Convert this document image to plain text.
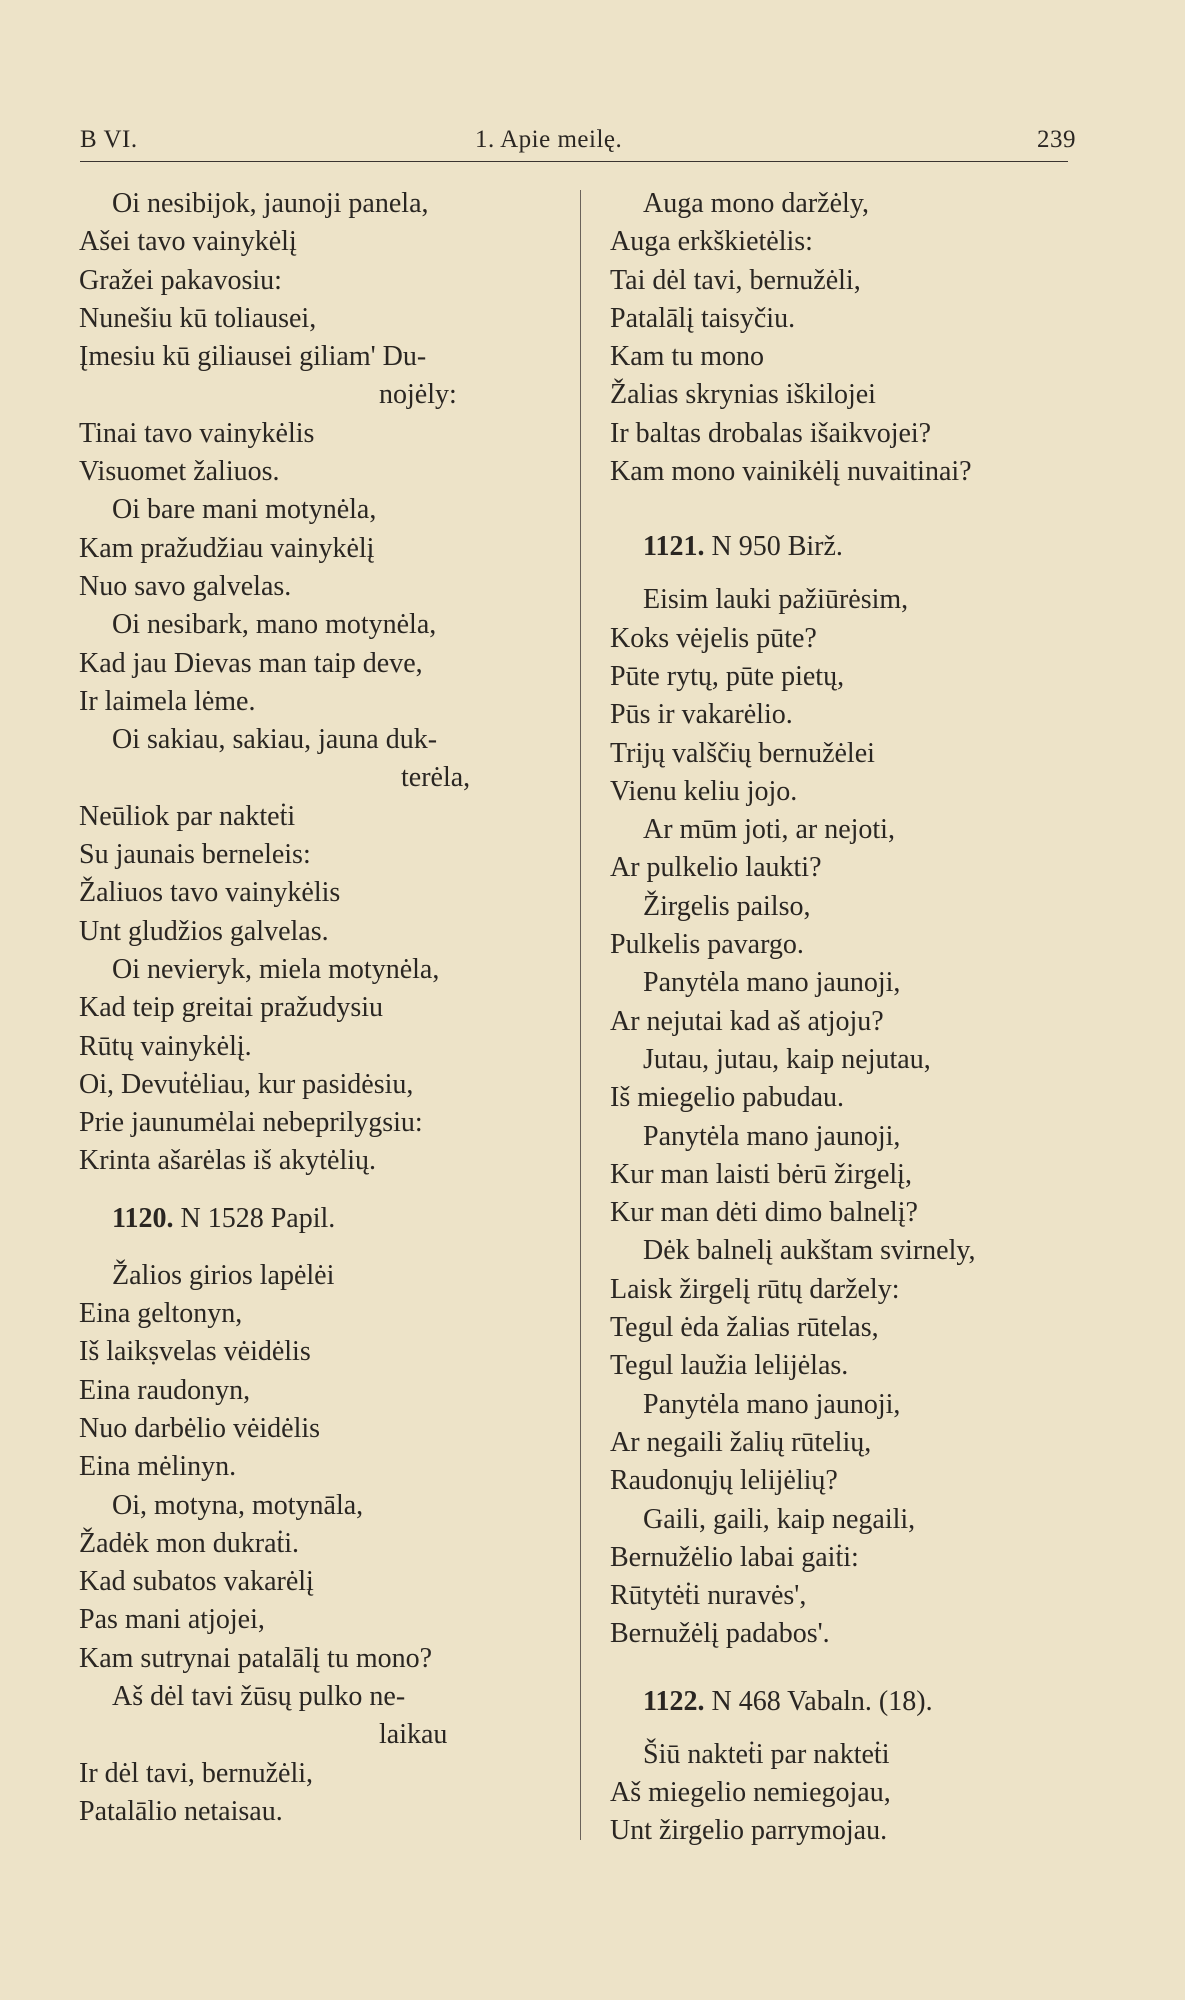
B VI.	1. Apie meilę.	239
Oi nesibijok, jaunoji panela,
Ašei tavo vainykėlį
Gražei pakavosiu:
Nunešiu kū toliausei,
Įmesiu kū giliausei giliam' Du-
nojėly:
Tinai tavo vainykėlis
Visuomet žaliuos.
Oi bare mani motynėla,
Kam pražudžiau vainykėlį
Nuo savo galvelas.
Oi nesibark, mano motynėla,
Kad jau Dievas man taip deve,
Ir laimela lėme.
Oi sakiau, sakiau, jauna duk-
terėla,
Neūliok par nakteṫi
Su jaunais berneleis:
Žaliuos tavo vainykėlis
Unt gludžios galvelas.
Oi nevieryk, miela motynėla,
Kad teip greitai pražudysiu
Rūtų vainykėlį.
Oi, Devuṫėliau, kur pasidėsiu,
Prie jaunumėlai nebeprilygsiu:
Krinta ašarėlas iš akytėlių.
1120. N 1528 Papil.
Žalios girios lapėlėi
Eina geltonyn,
Iš laikṣvelas vėidėlis
Eina raudonyn,
Nuo darbėlio vėidėlis
Eina mėlinyn.
Oi, motyna, motynāla,
Žadėk mon dukraṫi.
Kad subatos vakarėlį
Pas mani atjojei,
Kam sutrynai patalālį tu mono?
Aš dėl tavi žūsų pulko ne-
laikau
Ir dėl tavi, bernužėli,
Patalālio netaisau.
Auga mono daržėly,
Auga erkškietėlis:
Tai dėl tavi, bernužėli,
Patalālį taisyčiu.
Kam tu mono
Žalias skrynias iškilojei
Ir baltas drobalas išaikvojei?
Kam mono vainikėlį nuvaitinai?
1121. N 950 Birž.
Eisim lauki pažiūrėsim,
Koks vėjelis pūte?
Pūte rytų, pūte pietų,
Pūs ir vakarėlio.
Trijų valščių bernužėlei
Vienu keliu jojo.
Ar mūm joti, ar nejoti,
Ar pulkelio laukti?
Žirgelis pailso,
Pulkelis pavargo.
Panytėla mano jaunoji,
Ar nejutai kad aš atjoju?
Jutau, jutau, kaip nejutau,
Iš miegelio pabudau.
Panytėla mano jaunoji,
Kur man laisti bėrū žirgelį,
Kur man dėti dimo balnelį?
Dėk balnelį aukštam svirnely,
Laisk žirgelį rūtų daržely:
Tegul ėda žalias rūtelas,
Tegul laužia lelijėlas.
Panytėla mano jaunoji,
Ar negaili žalių rūtelių,
Raudonųjų lelijėlių?
Gaili, gaili, kaip negaili,
Bernužėlio labai gaiṫi:
Rūtytėṫi nuravės',
Bernužėlį padabos'.
1122. N 468 Vabaln. (18).
Šiū nakteṫi par nakteṫi
Aš miegelio nemiegojau,
Unt žirgelio parrymojau.
